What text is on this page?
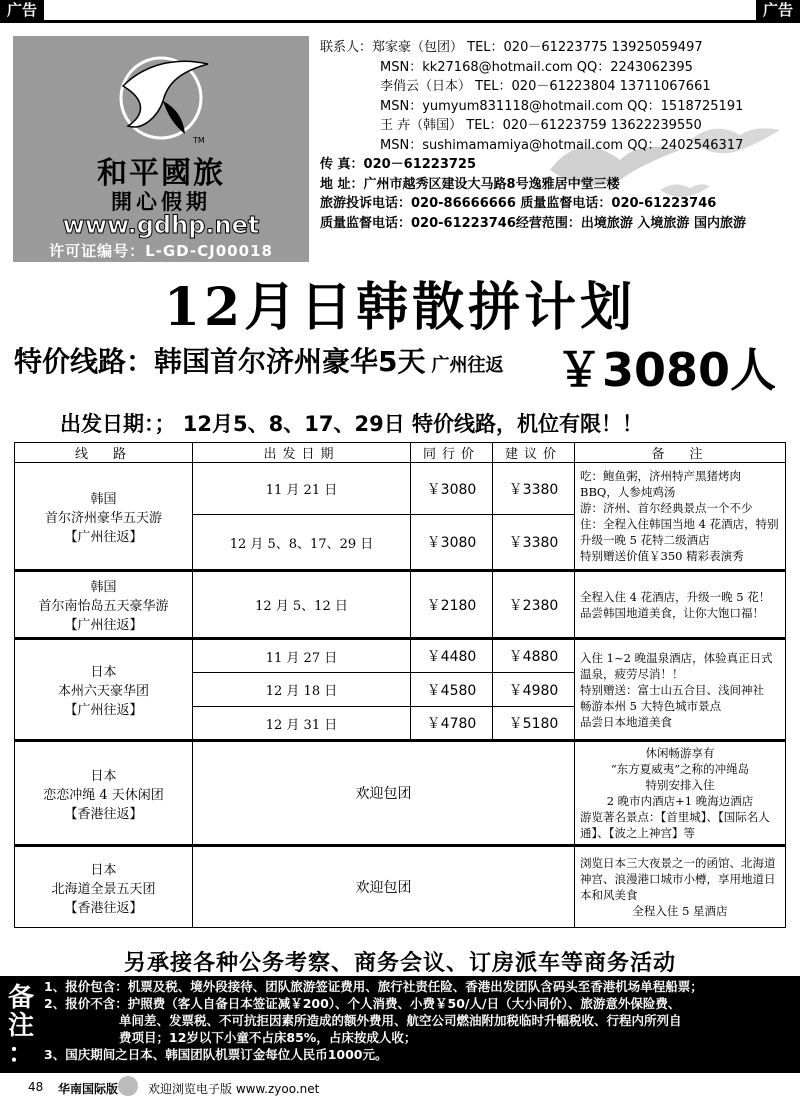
广告	广告
TM
和平國旅
開心假期
www.gdhp.net
许可证编号：L-GD-CJ00018
联系人：郑家豪（包团） TEL：020－61223775 13925059497
MSN：kk27168@hotmail.com QQ：2243062395
李俏云（日本） TEL：020－61223804 13711067661
MSN：yumyum831118@hotmail.com QQ：1518725191
王 卉（韩国） TEL：020－61223759 13622239550
MSN：sushimamamiya@hotmail.com QQ：2402546317
传 真：020－61223725
地 址：广州市越秀区建设大马路8号逸雅居中堂三楼
旅游投诉电话：020-86666666 质量监督电话：020-61223746
质量监督电话：020-61223746经营范围：出境旅游 入境旅游 国内旅游
12月日韩散拼计划
特价线路：韩国首尔济州豪华5天 广州往返 ￥3080人
出发日期：； 12月5、8、17、29日 特价线路，机位有限！！
线　路	出发日期	同行价	建议价	备　注

韩国
首尔济州豪华五天游
【广州往返】	11 月 21 日	￥3080	￥3380	吃：鲍鱼粥，济州特产黑猪烤肉 BBQ，人参炖鸡汤
游：济州、首尔经典景点一个不少
住：全程入住韩国当地 4 花酒店，特别升级一晚 5 花特二级酒店
特别赠送价值￥350 精彩表演秀

	12 月 5、8、17、29 日	￥3080	￥3380	

韩国
首尔南怡岛五天豪华游
【广州往返】	12 月 5、12 日	￥2180	￥2380	全程入住 4 花酒店，升级一晚 5 花！
品尝韩国地道美食，让你大饱口福！

日本
本州六天豪华团
【广州往返】	11 月 27 日	￥4480	￥4880	入住 1~2 晚温泉酒店，体验真正日式温泉，疲劳尽消！！
特别赠送：富士山五合目、浅间神社
畅游本州 5 大特色城市景点
品尝日本地道美食

	12 月 18 日	￥4580	￥4980	
	12 月 31 日	￥4780	￥5180	

日本
恋恋冲绳 4 天休闲团
【香港往返】	欢迎包团			休闲畅游享有
“东方夏威夷”之称的冲绳岛
特别安排入住
2 晚市内酒店+1 晚海边酒店
游览著名景点：【首里城】、【国际名人通】、【波之上神宫】等

日本
北海道全景五天团
【香港往返】	欢迎包团			浏览日本三大夜景之一的函馆、北海道神宫、浪漫港口城市小樽，享用地道日本和风美食
全程入住 5 星酒店
另承接各种公务考察、商务会议、订房派车等商务活动
备
注
：
1、报价包含：机票及税、境外段接待、团队旅游签证费用、旅行社责任险、香港出发团队含码头至香港机场单程船票；
2、报价不含：护照费（客人自备日本签证减￥200）、个人消费、小费￥50/人/日（大小同价）、旅游意外保险费、
　　　　　　单间差、发票税、不可抗拒因素所造成的额外费用、航空公司燃油附加税临时升幅税收、行程内所列自
　　　　　　费项目；12岁以下小童不占床85%，占床按成人收；
3、国庆期间之日本、韩国团队机票订金每位人民币1000元。
48 华南国际版 欢迎浏览电子版 www.zyoo.net
